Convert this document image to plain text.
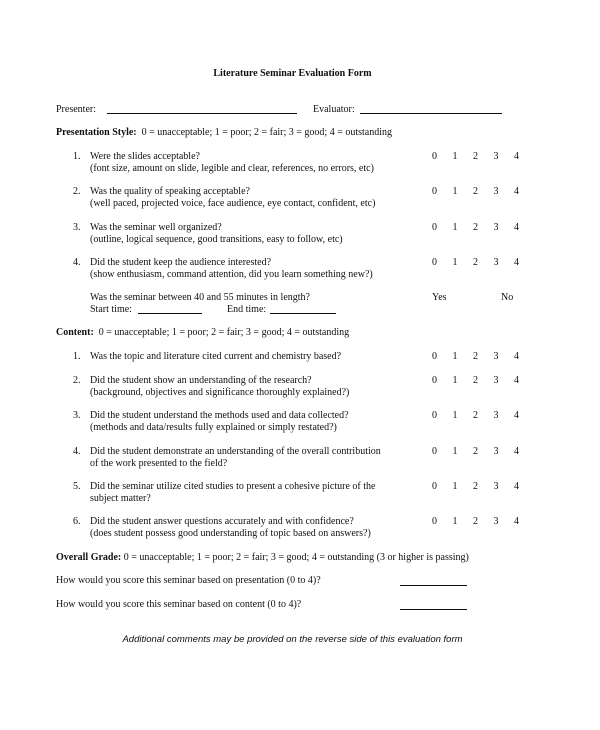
Literature Seminar Evaluation Form
Presenter:	Evaluator:
Presentation Style: 0 = unacceptable; 1 = poor; 2 = fair; 3 = good; 4 = outstanding
1. Were the slides acceptable?
(font size, amount on slide, legible and clear, references, no errors, etc)
0 1 2 3 4
2. Was the quality of speaking acceptable?
(well paced, projected voice, face audience, eye contact, confident, etc)
0 1 2 3 4
3. Was the seminar well organized?
(outline, logical sequence, good transitions, easy to follow, etc)
0 1 2 3 4
4. Did the student keep the audience interested?
(show enthusiasm, command attention, did you learn something new?)
0 1 2 3 4
Was the seminar between 40 and 55 minutes in length?	Yes	No
Start time:	End time:
Content: 0 = unacceptable; 1 = poor; 2 = fair; 3 = good; 4 = outstanding
1. Was the topic and literature cited current and chemistry based?	0 1 2 3 4
2. Did the student show an understanding of the research?
(background, objectives and significance thoroughly explained?)
0 1 2 3 4
3. Did the student understand the methods used and data collected?
(methods and data/results fully explained or simply restated?)
0 1 2 3 4
4. Did the student demonstrate an understanding of the overall contribution
of the work presented to the field?
0 1 2 3 4
5. Did the seminar utilize cited studies to present a cohesive picture of the
subject matter?
0 1 2 3 4
6. Did the student answer questions accurately and with confidence?
(does student possess good understanding of topic based on answers?)
0 1 2 3 4
Overall Grade: 0 = unacceptable; 1 = poor; 2 = fair; 3 = good; 4 = outstanding (3 or higher is passing)
How would you score this seminar based on presentation (0 to 4)?
How would you score this seminar based on content (0 to 4)?
Additional comments may be provided on the reverse side of this evaluation form
